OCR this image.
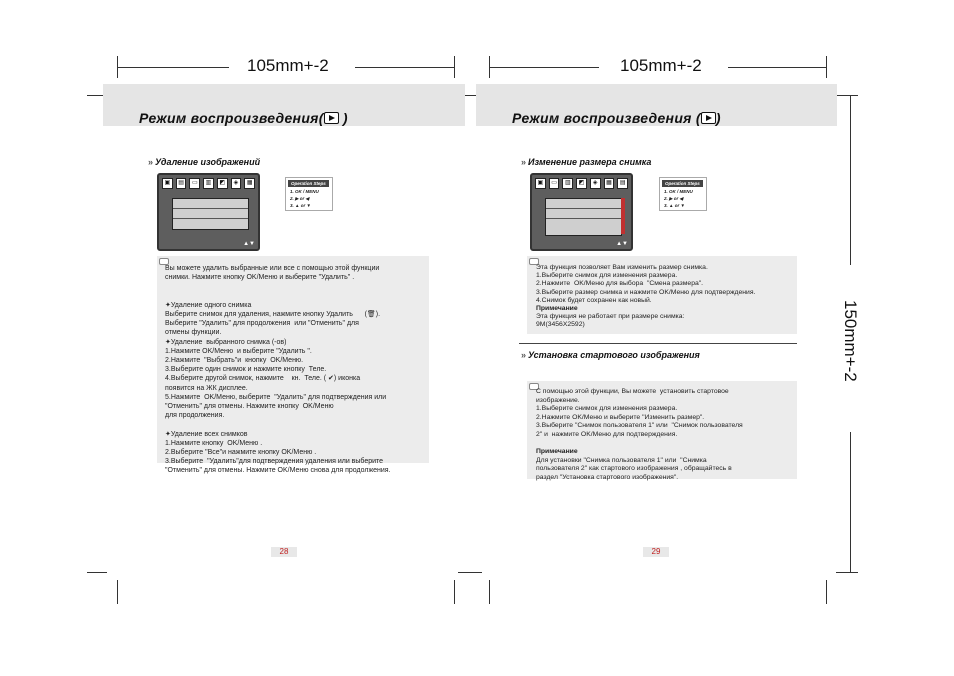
105mm+-2	105mm+-2
150mm+-2
Режим воспроизведения( )
» Удаление изображений
▣	▤	▭	▥	◩	◈	▦
▲▼
Operation Steps
1. OK / MENU
2. ▶ or ◀
3. ▲ or ▼
Вы можете удалить выбранные или все с помощью этой функции
снимки. Нажмите кнопку OK/Меню и выберите "Удалить" .

✦Удаление одного снимка
Выберите снимок для удаления, нажмите кнопку Удалить      (🗑).
Выберите "Удалить" для продолжения  или "Отменить" для
отмены функции.
✦Удаление  выбранного снимка (-ов)
1.Нажмите OK/Меню  и выберите "Удалить ".
2.Нажмите  "Выбрать"и  кнопку  OK/Меню.
3.Выберите один снимок и нажмите кнопку  Теле.
4.Выберите другой снимок, нажмите    кн.  Теле. ( ✔) иконка
появится на ЖК дисплее.
5.Нажмите  OK/Меню, выберите  "Удалить" для подтверждения или
"Отменить" для отмены. Нажмите кнопку  OK/Меню
для продолжения.

✦Удаление всех снимков
1.Нажмите кнопку  OK/Меню .
2.Выберите "Все"и нажмите кнопку OK/Меню .
3.Выберите  "Удалить"для подтверждения удаления или выберите
"Отменить" для отмены. Нажмите OK/Меню снова для продолжения.
28
Режим воспроизведения ( )
» Изменение размера снимка
▣	▭	▥	◩	◈	▦	▤
▲▼
Operation Steps
1. OK / MENU
2. ▶ or ◀
3. ▲ or ▼
Эта функция позволяет Вам изменить размер снимка.
1.Выберите снимок для изменения размера.
2.Нажмите  OK/Меню для выбора  "Смена размера".
3.Выберите размер снимка и нажмите OK/Меню для подтверждения.
4.Снимок будет сохранен как новый.
Примечание
Эта функция не работает при размере снимка:
9M(3456X2592)
» Установка стартового изображения
С помощью этой функции, Вы можете  установить стартовое
изображение.
1.Выберите снимок для изменения размера.
2.Нажмите OK/Меню и выберите "Изменить размер".
3.Выберите "Снимок пользователя 1" или  "Снимок пользователя
2" и  нажмите OK/Меню для подтверждения.

Примечание
Для установки "Снимка пользователя 1" или  "Снимка
пользователя 2" как стартового изображения , обращайтесь в
раздел "Установка стартового изображения".
29
